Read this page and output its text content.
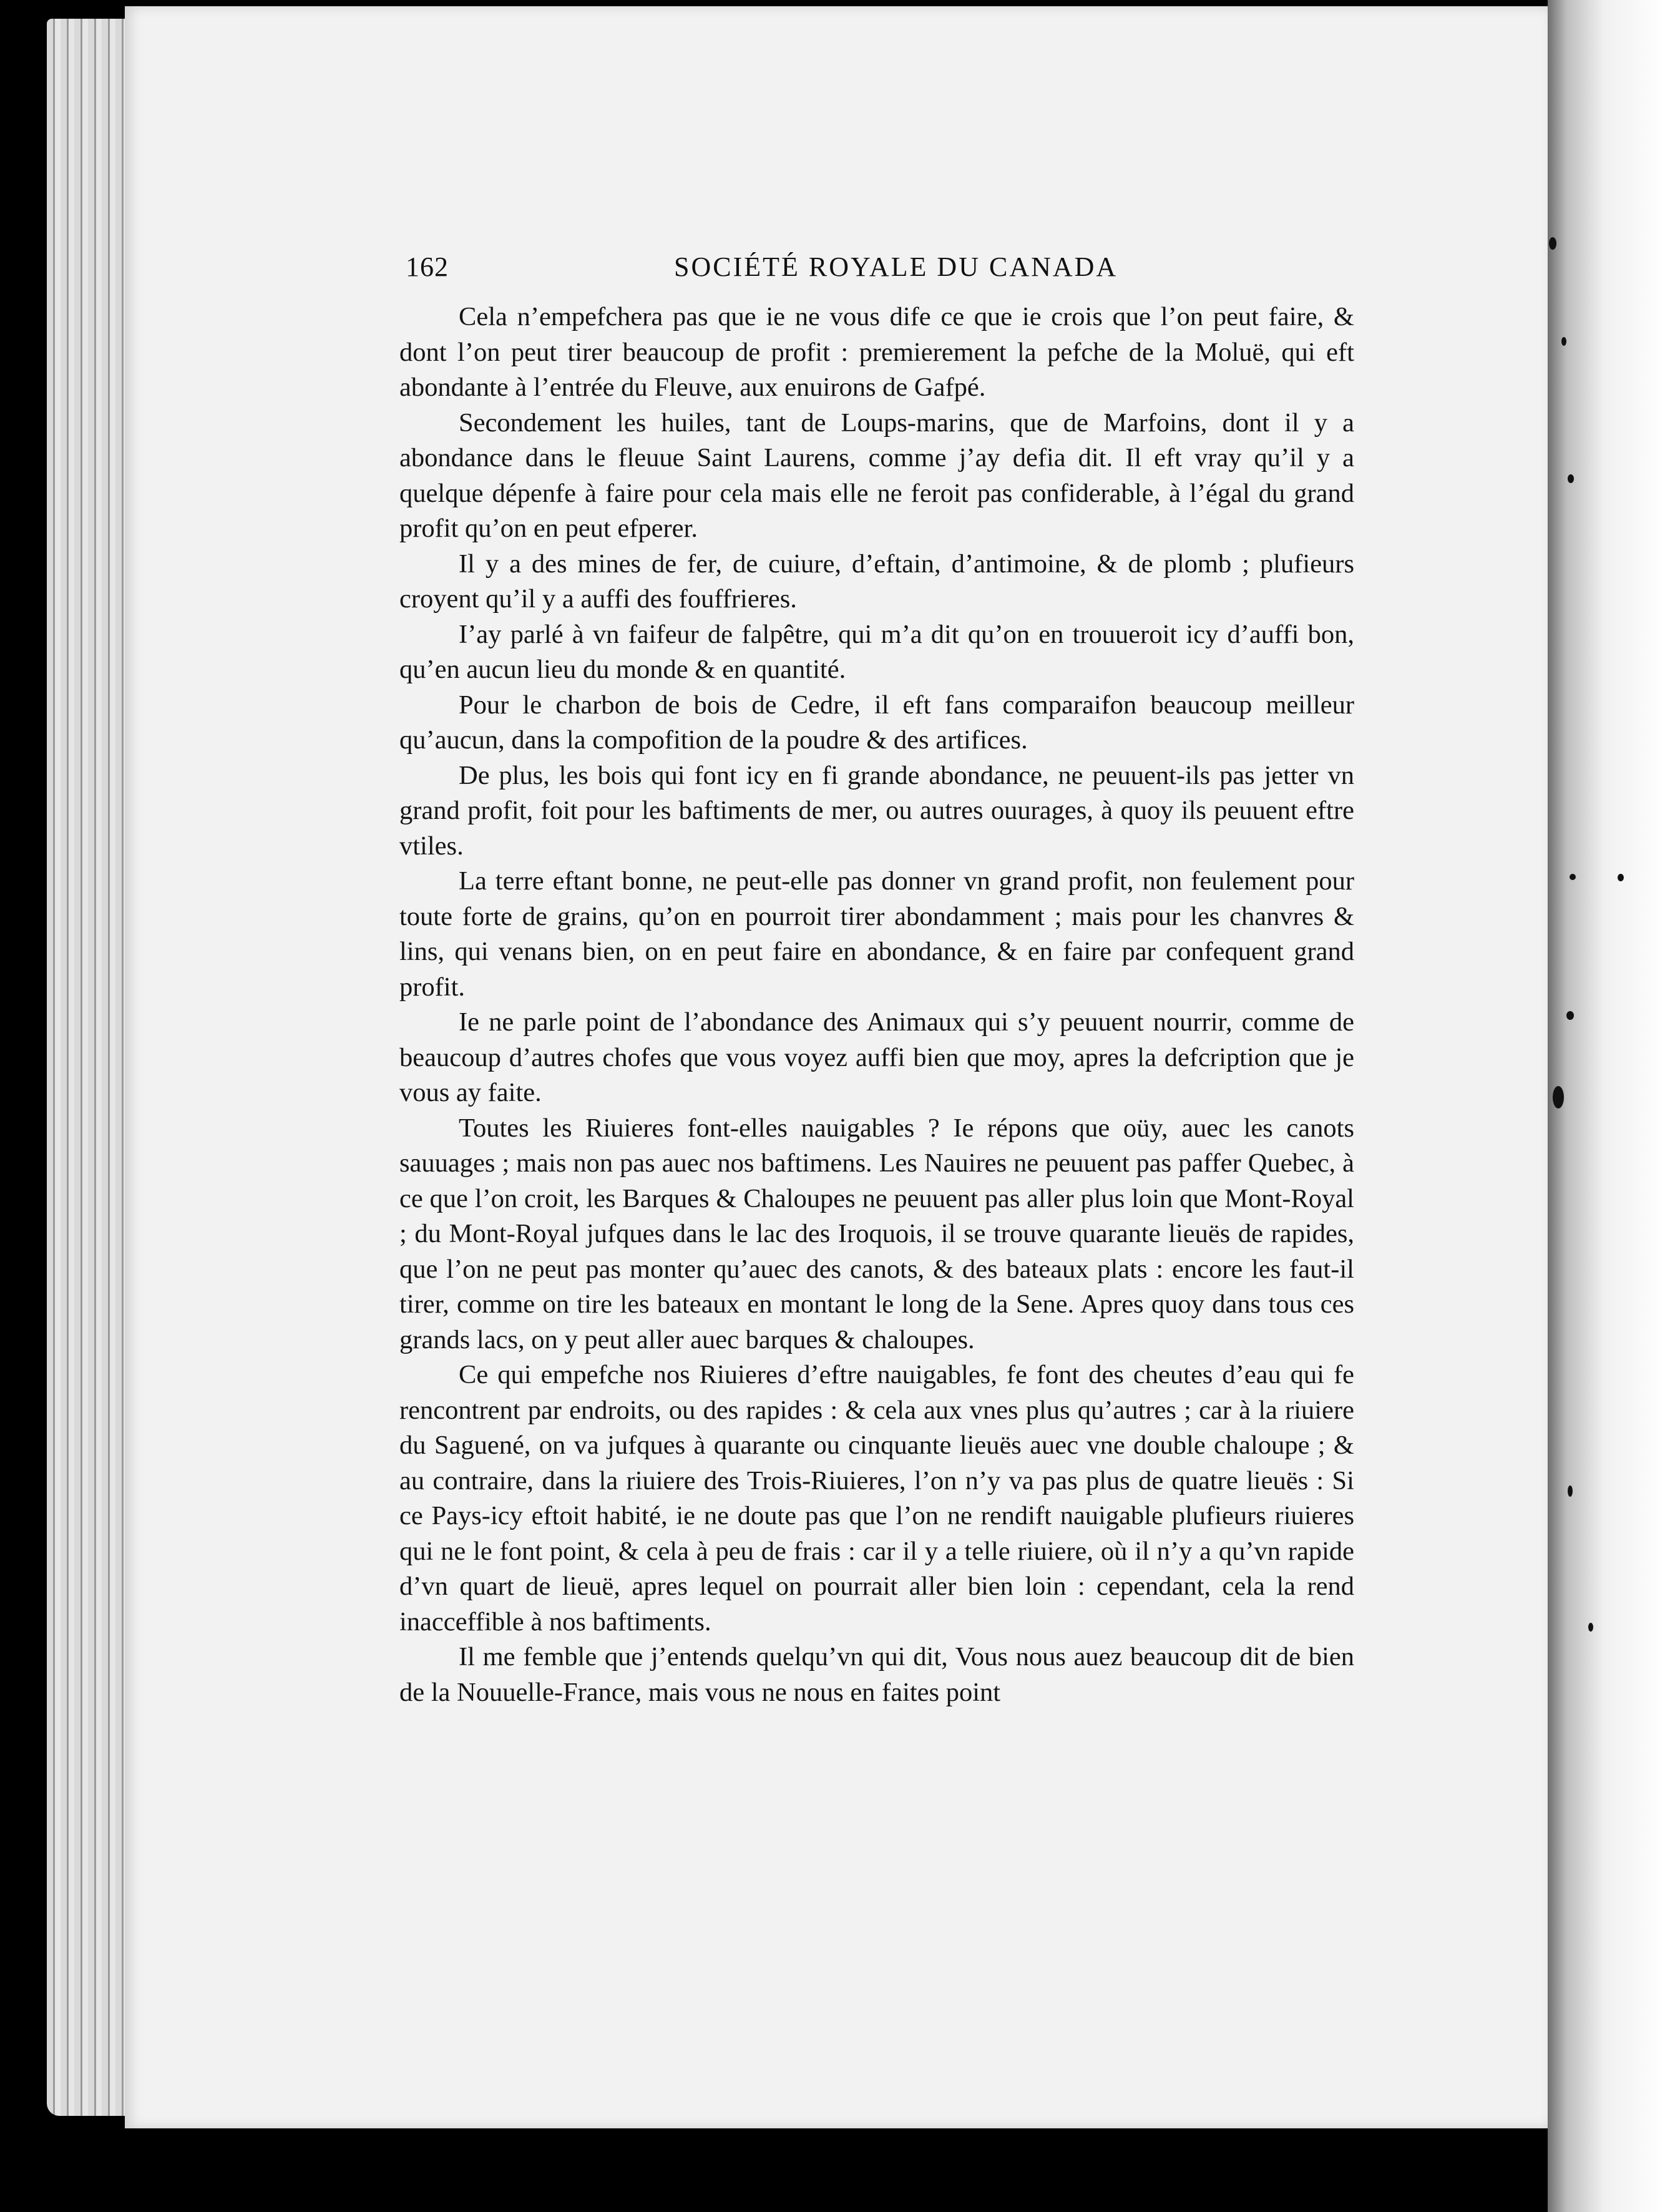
162	SOCIÉTÉ ROYALE DU CANADA

Cela n’empefchera pas que ie ne vous dife ce que ie crois que l’on peut faire, & dont l’on peut tirer beaucoup de profit : premierement la pefche de la Moluë, qui eft abondante à l’entrée du Fleuve, aux enuirons de Gafpé.

Secondement les huiles, tant de Loups-marins, que de Marfoins, dont il y a abondance dans le fleuue Saint Laurens, comme j’ay defia dit. Il eft vray qu’il y a quelque dépenfe à faire pour cela mais elle ne feroit pas confiderable, à l’égal du grand profit qu’on en peut efperer.

Il y a des mines de fer, de cuiure, d’eftain, d’antimoine, & de plomb ; plufieurs croyent qu’il y a auffi des fouffrieres.

I’ay parlé à vn faifeur de falpêtre, qui m’a dit qu’on en trouueroit icy d’auffi bon, qu’en aucun lieu du monde & en quantité.

Pour le charbon de bois de Cedre, il eft fans comparaifon beaucoup meilleur qu’aucun, dans la compofition de la poudre & des artifices.

De plus, les bois qui font icy en fi grande abondance, ne peuuent-ils pas jetter vn grand profit, foit pour les baftiments de mer, ou autres ouurages, à quoy ils peuuent eftre vtiles.

La terre eftant bonne, ne peut-elle pas donner vn grand profit, non feulement pour toute forte de grains, qu’on en pourroit tirer abondamment ; mais pour les chanvres & lins, qui venans bien, on en peut faire en abondance, & en faire par confequent grand profit.

Ie ne parle point de l’abondance des Animaux qui s’y peuuent nourrir, comme de beaucoup d’autres chofes que vous voyez auffi bien que moy, apres la defcription que je vous ay faite.

Toutes les Riuieres font-elles nauigables ? Ie répons que oüy, auec les canots sauuages ; mais non pas auec nos baftimens. Les Nauires ne peuuent pas paffer Quebec, à ce que l’on croit, les Barques & Chaloupes ne peuuent pas aller plus loin que Mont-Royal ; du Mont-Royal jufques dans le lac des Iroquois, il se trouve quarante lieuës de rapides, que l’on ne peut pas monter qu’auec des canots, & des bateaux plats : encore les faut-il tirer, comme on tire les bateaux en montant le long de la Sene. Apres quoy dans tous ces grands lacs, on y peut aller auec barques & chaloupes.

Ce qui empefche nos Riuieres d’eftre nauigables, fe font des cheutes d’eau qui fe rencontrent par endroits, ou des rapides : & cela aux vnes plus qu’autres ; car à la riuiere du Saguené, on va jufques à quarante ou cinquante lieuës auec vne double chaloupe ; & au contraire, dans la riuiere des Trois-Riuieres, l’on n’y va pas plus de quatre lieuës : Si ce Pays-icy eftoit habité, ie ne doute pas que l’on ne rendift nauigable plufieurs riuieres qui ne le font point, & cela à peu de frais : car il y a telle riuiere, où il n’y a qu’vn rapide d’vn quart de lieuë, apres lequel on pourrait aller bien loin : cependant, cela la rend inacceffible à nos baftiments.

Il me femble que j’entends quelqu’vn qui dit, Vous nous auez beaucoup dit de bien de la Nouuelle-France, mais vous ne nous en faites point
